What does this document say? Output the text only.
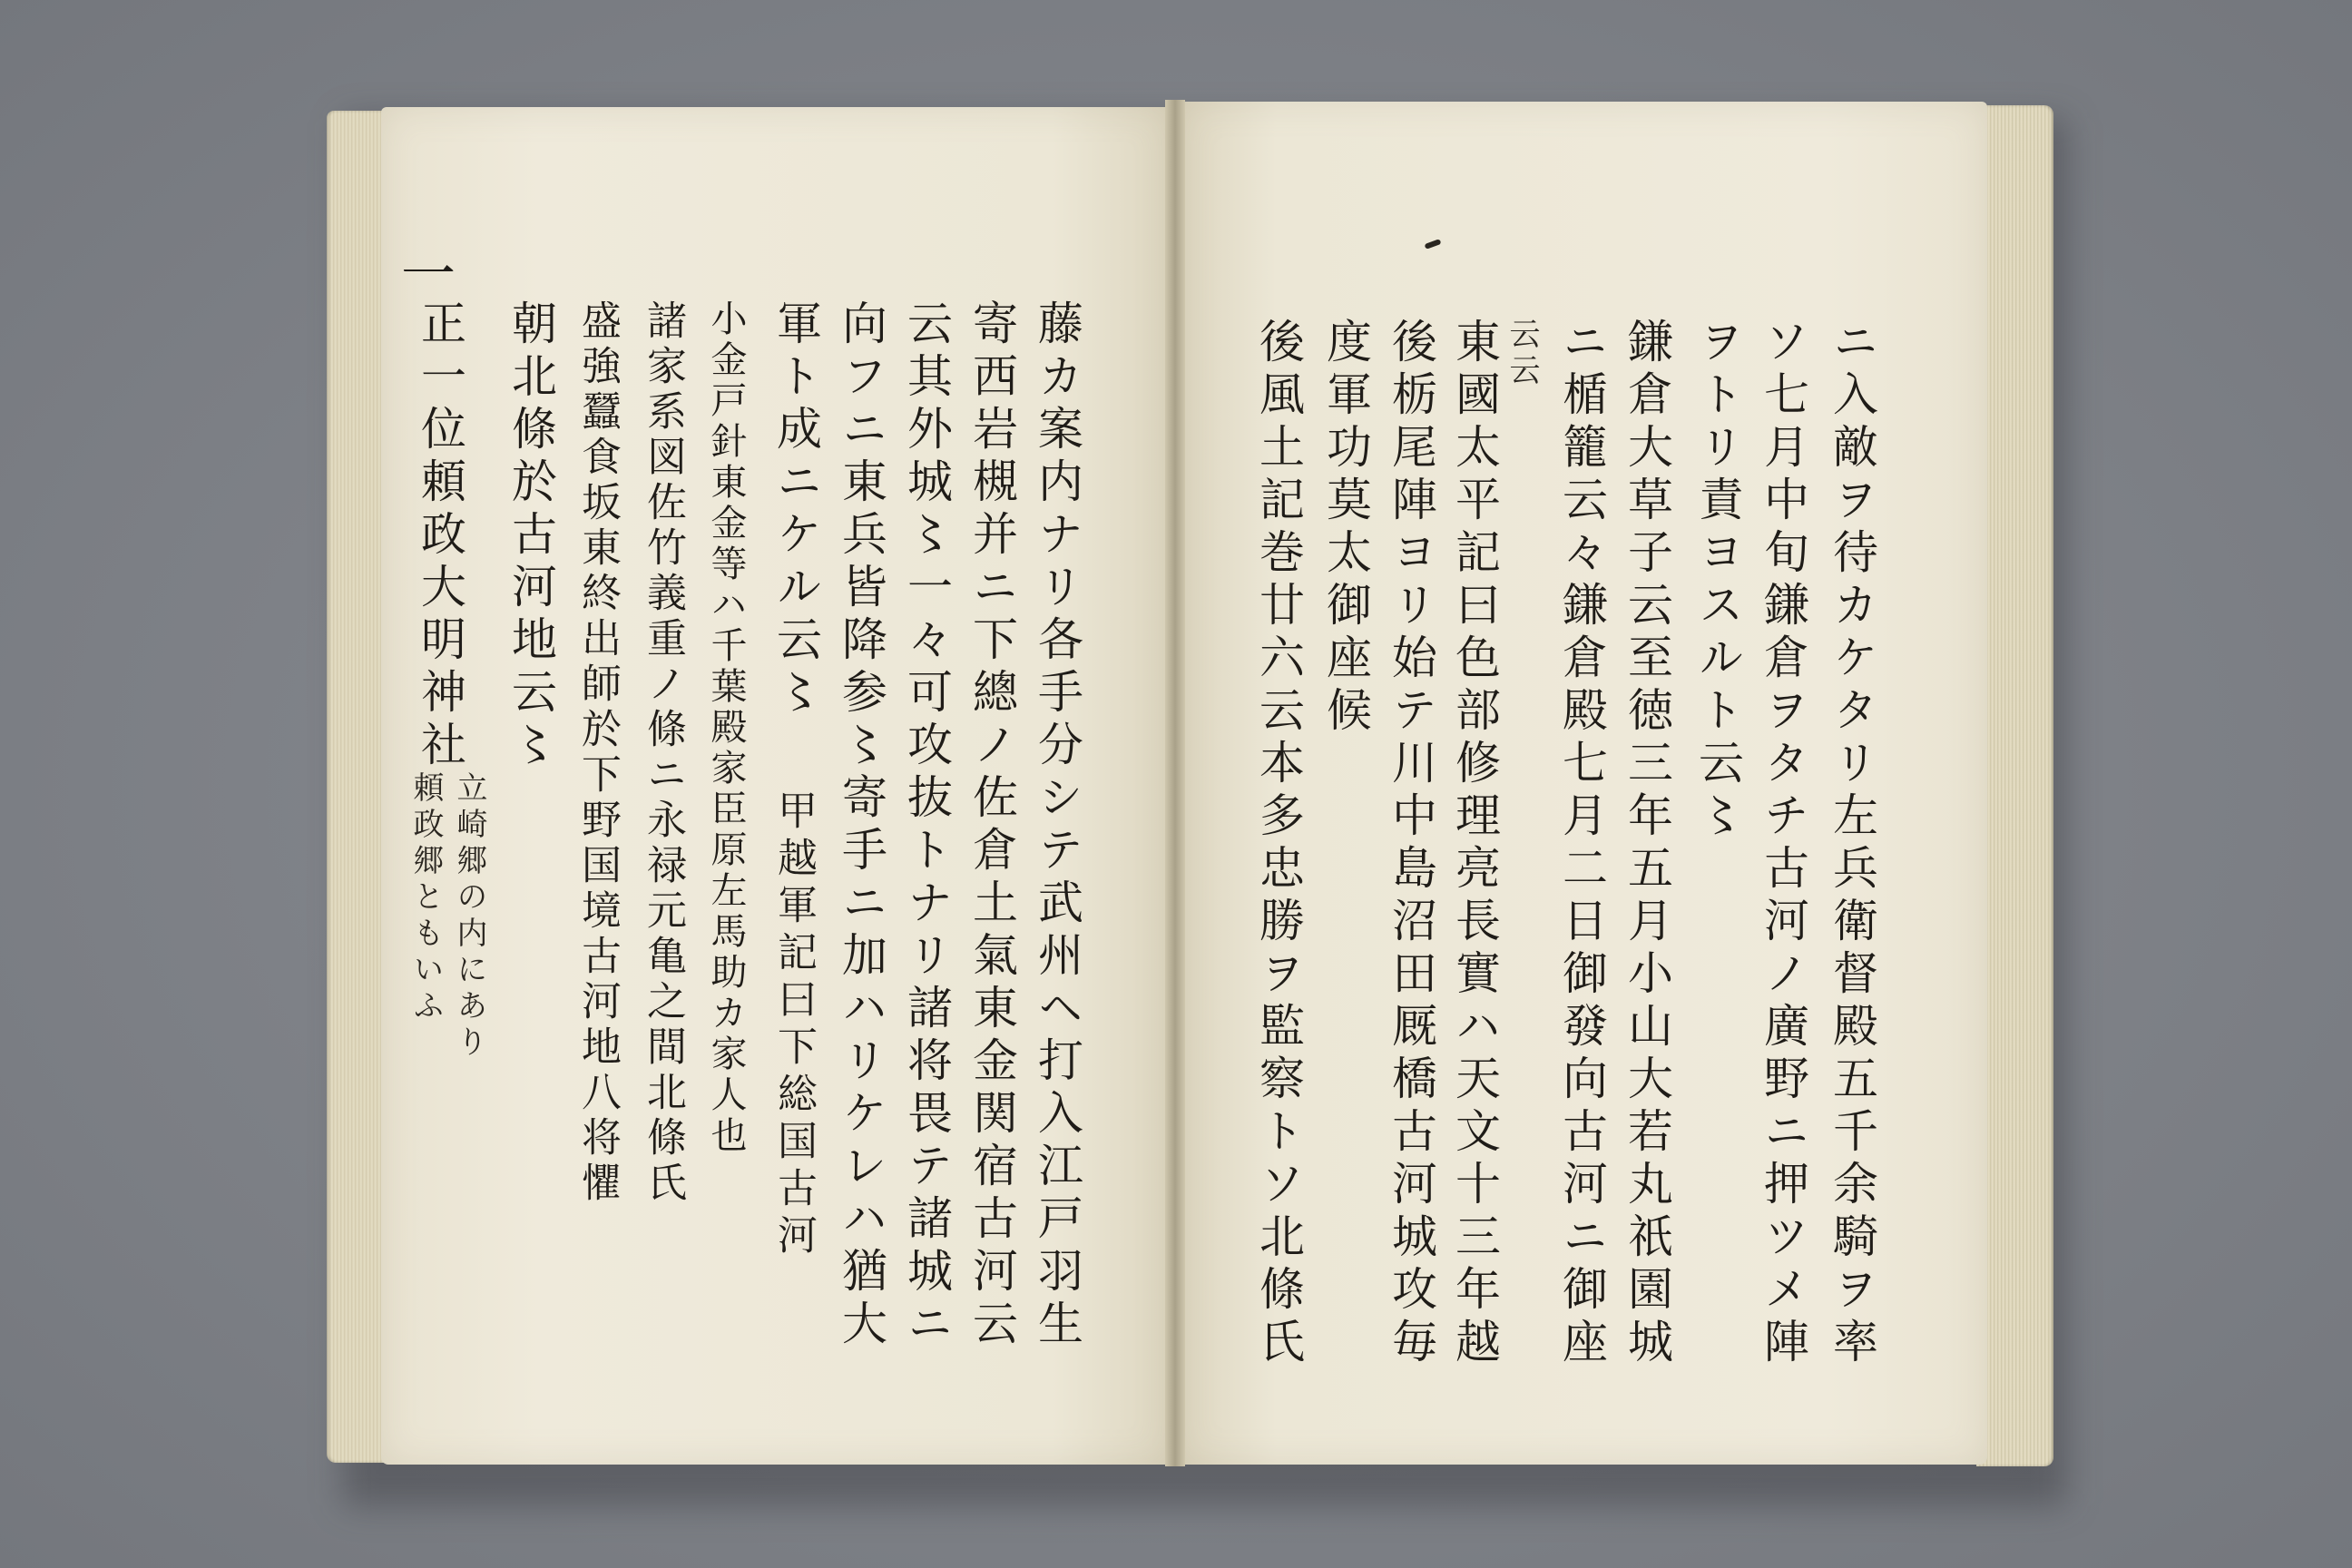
ニ入敵ヲ待カケタリ左兵衛督殿五千余騎ヲ率
ソ七月中旬鎌倉ヲタチ古河ノ廣野ニ押ツメ陣
ヲトリ責ヨスルト云〻
鎌倉大草子云至徳三年五月小山大若丸祇園城
ニ楯籠云々鎌倉殿七月二日御發向古河ニ御座
云云
東國太平記曰色部修理亮長實ハ天文十三年越
後栃尾陣ヨリ始テ川中島沼田厩橋古河城攻毎
度軍功莫太御座候
後風土記巻廿六云本多忠勝ヲ監察トソ北條氏
藤カ案内ナリ各手分シテ武州ヘ打入江戸羽生
寄西岩槻并ニ下總ノ佐倉土氣東金関宿古河云
云其外城〻一々可攻抜トナリ諸将畏テ諸城ニ
向フニ東兵皆降参〻寄手ニ加ハリケレハ猶大
軍ト成ニケル云〻
甲越軍記曰下総国古河
小金戸針東金等ハ千葉殿家臣原左馬助カ家人也
諸家系図佐竹義重ノ條ニ永禄元亀之間北條氏
盛強蠶食坂東終出師於下野国境古河地八将懼
朝北條於古河地云〻
正一位頼政大明神社
立崎郷の内にあり
頼政郷ともいふ
一
